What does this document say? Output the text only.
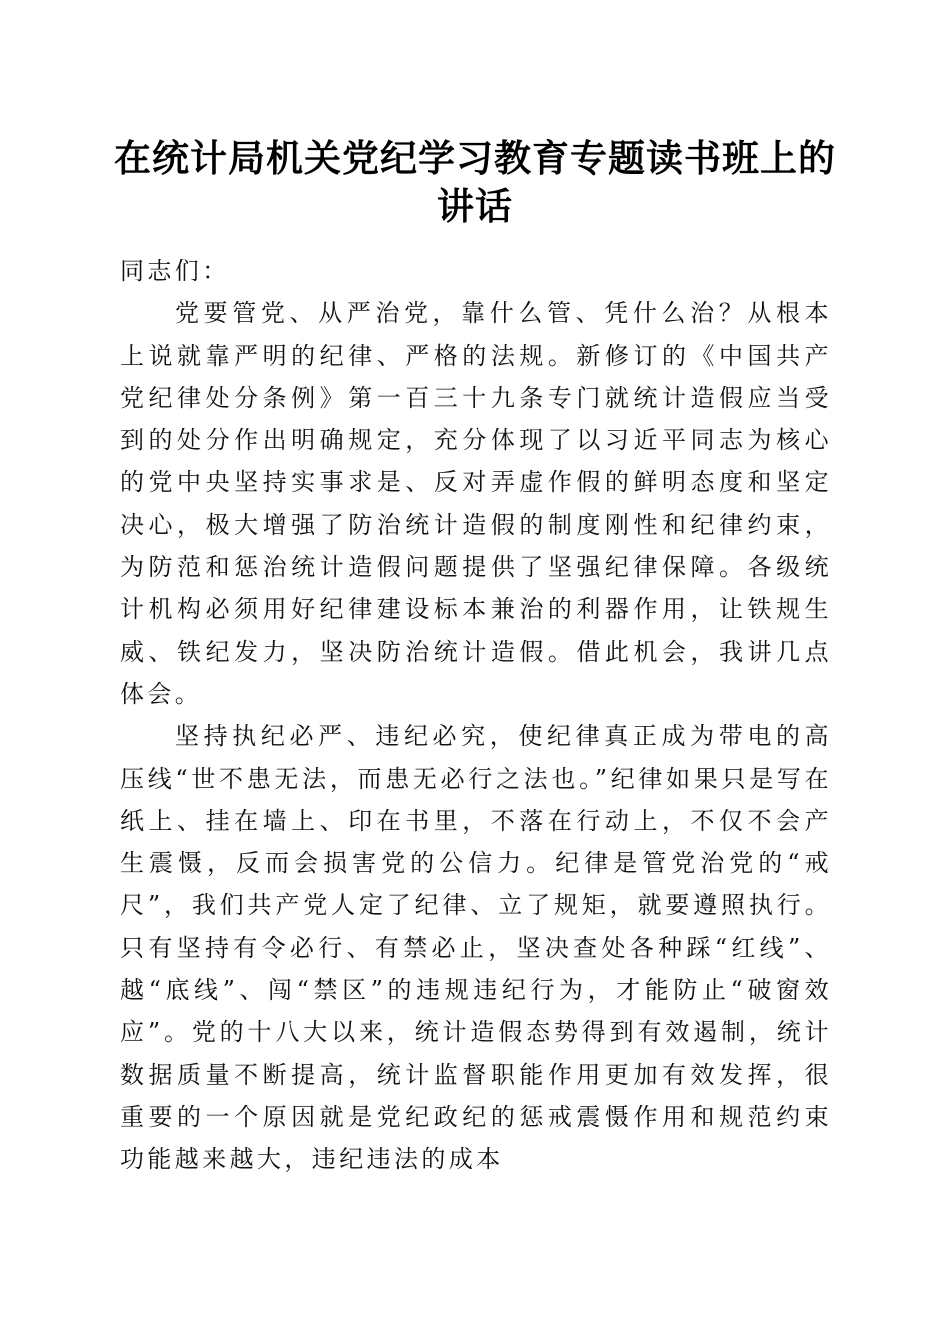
在统计局机关党纪学习教育专题读书班上的讲话

同志们：

党要管党、从严治党，靠什么管、凭什么治？从根本上说就靠严明的纪律、严格的法规。新修订的《中国共产党纪律处分条例》第一百三十九条专门就统计造假应当受到的处分作出明确规定，充分体现了以习近平同志为核心的党中央坚持实事求是、反对弄虚作假的鲜明态度和坚定决心，极大增强了防治统计造假的制度刚性和纪律约束，为防范和惩治统计造假问题提供了坚强纪律保障。各级统计机构必须用好纪律建设标本兼治的利器作用，让铁规生威、铁纪发力，坚决防治统计造假。借此机会，我讲几点体会。

坚持执纪必严、违纪必究，使纪律真正成为带电的高压线“世不患无法，而患无必行之法也。”纪律如果只是写在纸上、挂在墙上、印在书里，不落在行动上，不仅不会产生震慑，反而会损害党的公信力。纪律是管党治党的“戒尺”，我们共产党人定了纪律、立了规矩，就要遵照执行。只有坚持有令必行、有禁必止，坚决查处各种踩“红线”、越“底线”、闯“禁区”的违规违纪行为，才能防止“破窗效应”。党的十八大以来，统计造假态势得到有效遏制，统计数据质量不断提高，统计监督职能作用更加有效发挥，很重要的一个原因就是党纪政纪的惩戒震慑作用和规范约束功能越来越大，违纪违法的成本
